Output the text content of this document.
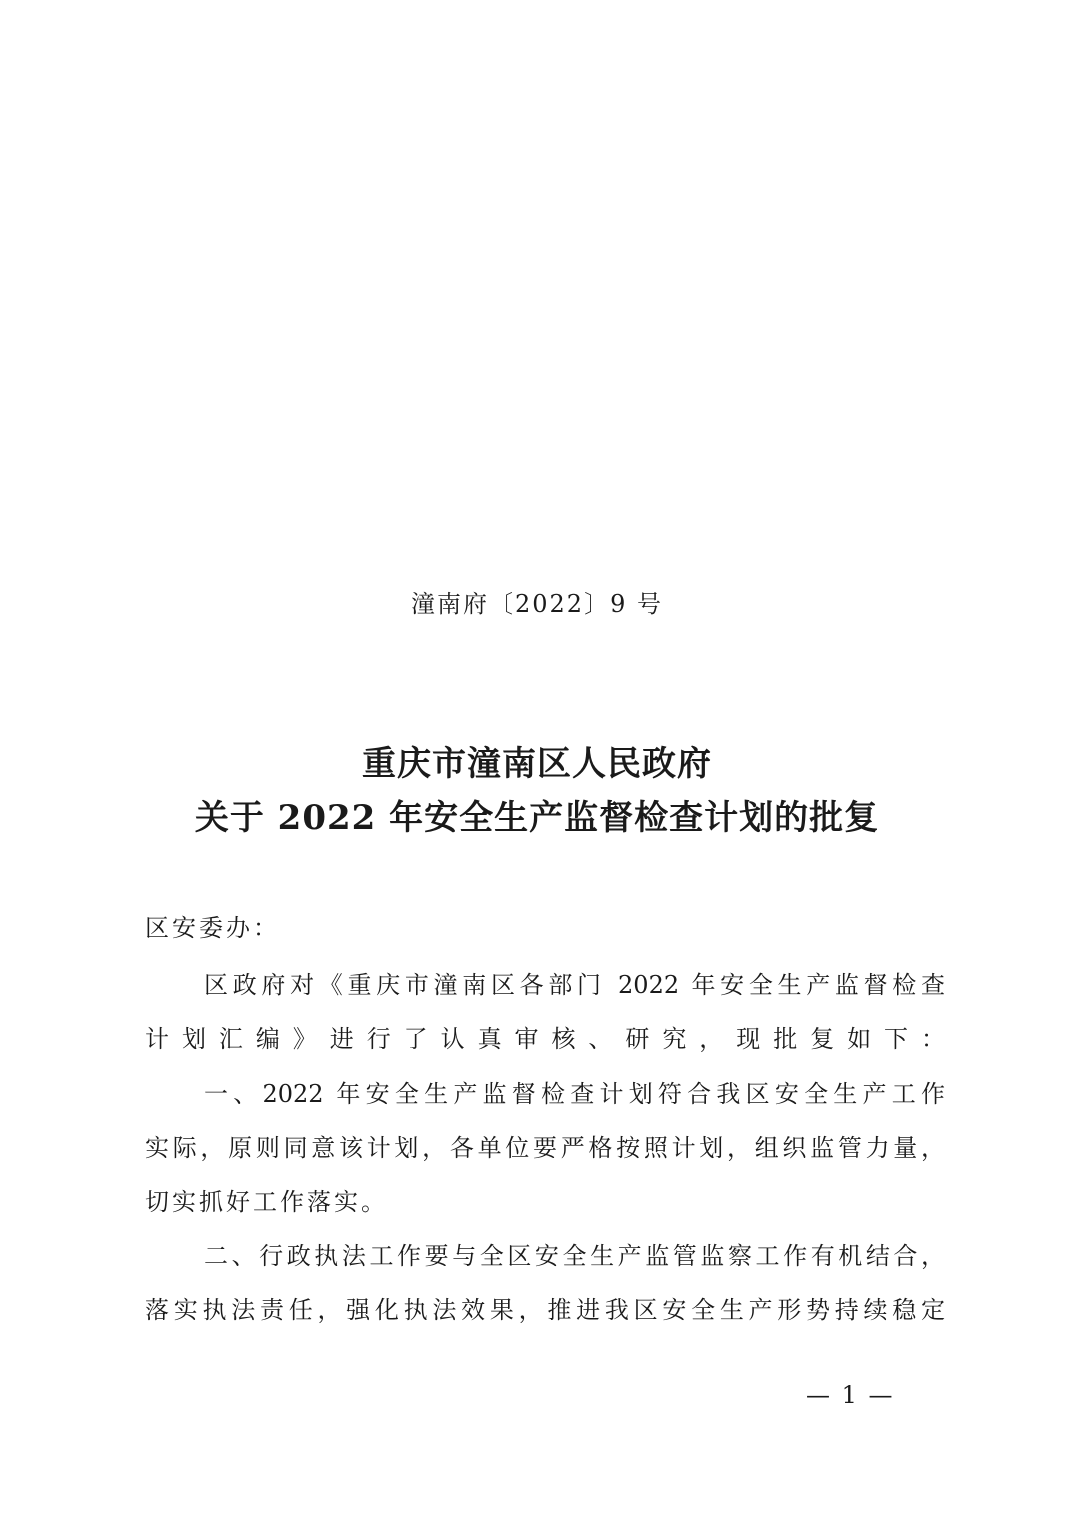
潼南府〔2022〕9 号
重庆市潼南区人民政府
关于 2022 年安全生产监督检查计划的批复
区安委办：
区政府对《重庆市潼南区各部门 2022 年安全生产监督检查
计划汇编》进行了认真审核、研究，现批复如下：
一、2022 年安全生产监督检查计划符合我区安全生产工作
实际，原则同意该计划，各单位要严格按照计划，组织监管力量，
切实抓好工作落实。
二、行政执法工作要与全区安全生产监管监察工作有机结合，
落实执法责任，强化执法效果，推进我区安全生产形势持续稳定
— 1 —
